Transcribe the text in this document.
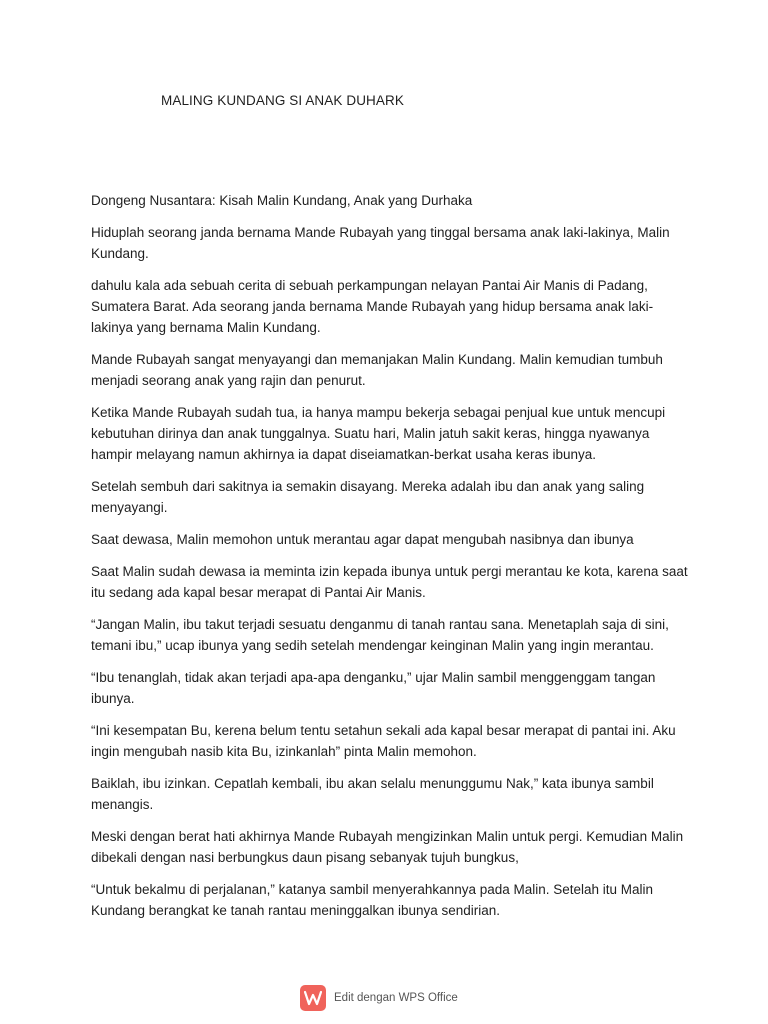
MALING KUNDANG SI ANAK DUHARK

Dongeng Nusantara: Kisah Malin Kundang, Anak yang Durhaka

Hiduplah seorang janda bernama Mande Rubayah yang tinggal bersama anak laki-lakinya, Malin Kundang.

dahulu kala ada sebuah cerita di sebuah perkampungan nelayan Pantai Air Manis di Padang, Sumatera Barat. Ada seorang janda bernama Mande Rubayah yang hidup bersama anak laki-lakinya yang bernama Malin Kundang.

Mande Rubayah sangat menyayangi dan memanjakan Malin Kundang. Malin kemudian tumbuh menjadi seorang anak yang rajin dan penurut.

Ketika Mande Rubayah sudah tua, ia hanya mampu bekerja sebagai penjual kue untuk mencupi kebutuhan dirinya dan anak tunggalnya. Suatu hari, Malin jatuh sakit keras, hingga nyawanya hampir melayang namun akhirnya ia dapat diseiamatkan-berkat usaha keras ibunya.

Setelah sembuh dari sakitnya ia semakin disayang. Mereka adalah ibu dan anak yang saling menyayangi.

Saat dewasa, Malin memohon untuk merantau agar dapat mengubah nasibnya dan ibunya

Saat Malin sudah dewasa ia meminta izin kepada ibunya untuk pergi merantau ke kota, karena saat itu sedang ada kapal besar merapat di Pantai Air Manis.

“Jangan Malin, ibu takut terjadi sesuatu denganmu di tanah rantau sana. Menetaplah saja di sini, temani ibu,” ucap ibunya yang sedih setelah mendengar keinginan Malin yang ingin merantau.

“Ibu tenanglah, tidak akan terjadi apa-apa denganku,” ujar Malin sambil menggenggam tangan ibunya.

“Ini kesempatan Bu, kerena belum tentu setahun sekali ada kapal besar merapat di pantai ini. Aku ingin mengubah nasib kita Bu, izinkanlah” pinta Malin memohon.

Baiklah, ibu izinkan. Cepatlah kembali, ibu akan selalu menunggumu Nak,” kata ibunya sambil menangis.

Meski dengan berat hati akhirnya Mande Rubayah mengizinkan Malin untuk pergi. Kemudian Malin dibekali dengan nasi berbungkus daun pisang sebanyak tujuh bungkus,

“Untuk bekalmu di perjalanan,” katanya sambil menyerahkannya pada Malin. Setelah itu Malin Kundang berangkat ke tanah rantau meninggalkan ibunya sendirian.

Edit dengan WPS Office
